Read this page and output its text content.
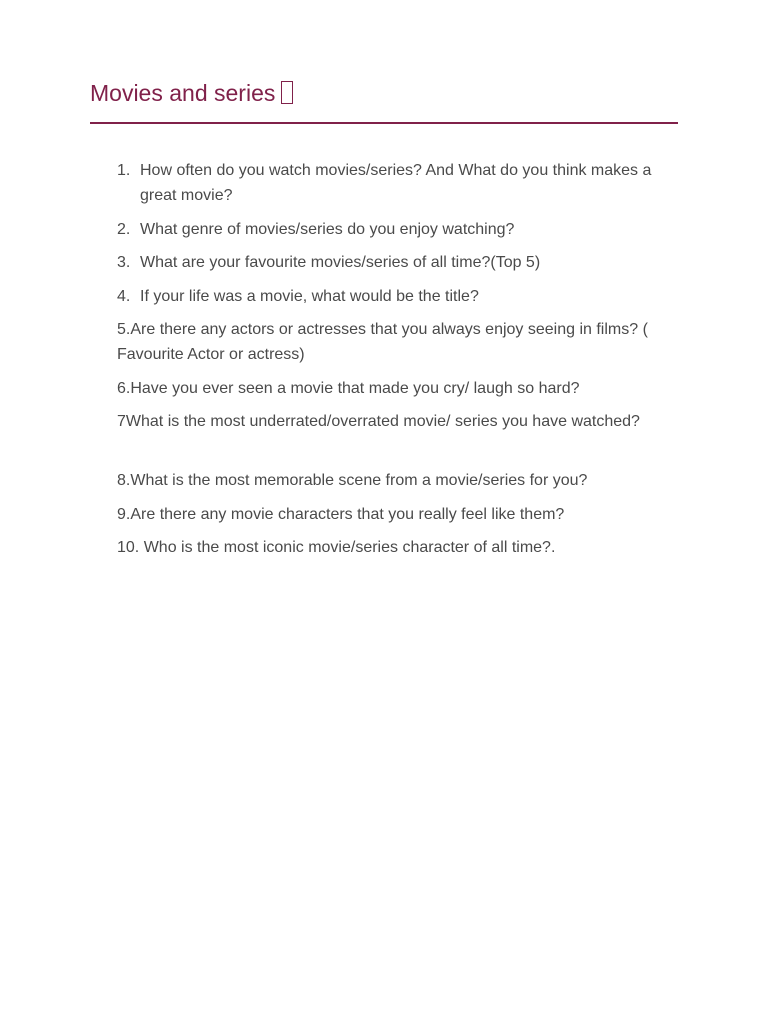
Movies and series
1. How often do you watch movies/series? And What do you think makes a great movie?
2. What genre of movies/series do you enjoy watching?
3. What are your favourite movies/series of all time?(Top 5)
4. If your life was a movie, what would be the title?

5.Are there any actors or actresses that you always enjoy seeing in films? ( Favourite Actor or actress)

6.Have you ever seen a movie that made you cry/ laugh so hard?

7What is the most underrated/overrated movie/ series you have watched?

8.What is the most memorable scene from a movie/series for you?

9.Are there any movie characters that you really feel like them?

10. Who is the most iconic movie/series character of all time?.
